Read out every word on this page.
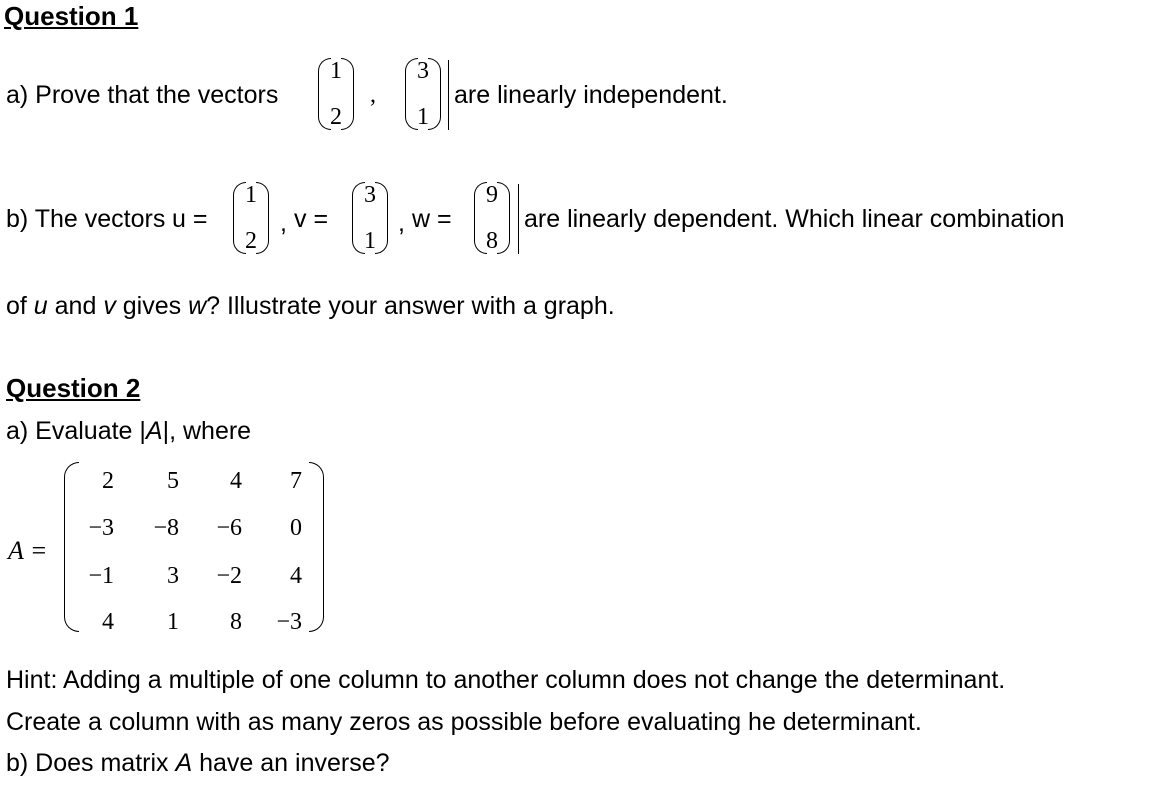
Question 1
a) Prove that the vectors
1
2
,
3
1
are linearly independent.
b) The vectors u =
1
2
, v =
3
1
, w =
9
8
are linearly dependent. Which linear combination
of u and v gives w? Illustrate your answer with a graph.
Question 2
a) Evaluate |A|, where
A =
2	5	4	7
−3	−8	−6	0
−1	3	−2	4
4	1	8	−3
Hint: Adding a multiple of one column to another column does not change the determinant.
Create a column with as many zeros as possible before evaluating he determinant.
b) Does matrix A have an inverse?
